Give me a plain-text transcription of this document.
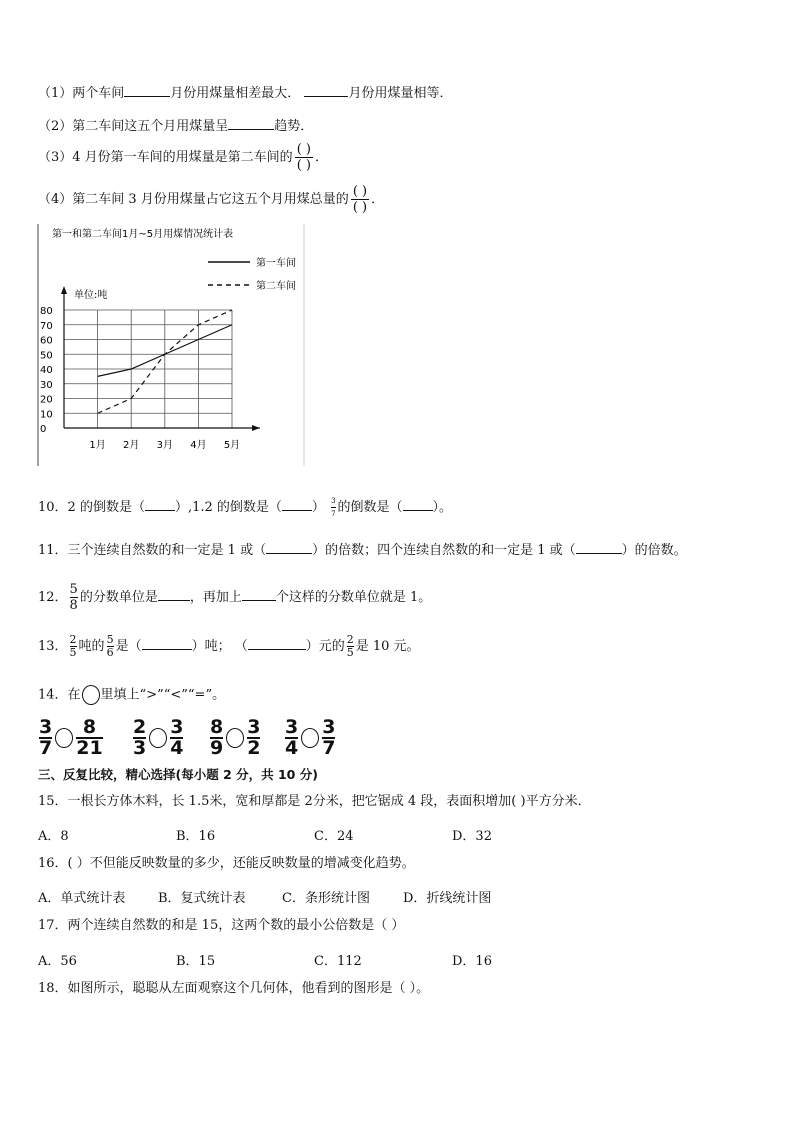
（1）两个车间	月份用煤量相差最大．	月份用煤量相等．
（2）第二车间这五个月用煤量呈	趋势．
（3）4 月份第一车间的用煤量是第二车间的 $\frac{( )}{( )}$ ．
（4）第二车间 3 月份用煤量占它这五个月用煤总量的 $\frac{( )}{( )}$ ．
第一和第二车间1月~5月用煤情况统计表
第一车间
第二车间
单位:吨
0
10
20
30
40
50
60
70
80
1月 2月 3月 4月 5月
10．2 的倒数是（ ）,1.2 的倒数是（ ） $\frac{3}{7}$ 的倒数是（ ）。
11．三个连续自然数的和一定是 1 或（	）的倍数；四个连续自然数的和一定是 1 或（	）的倍数。
12． $\frac{5}{8}$ 的分数单位是 ，再加上	个这样的分数单位就是 1。
13． $\frac{2}{5}$ 吨的 $\frac{5}{6}$ 是（	）吨； （	）元的 $\frac{2}{5}$ 是 10 元。
14．在 里填上“>”“<”“=”。
$\frac{3}{7} \frac{8}{21} \frac{2}{3} \frac{3}{4} \frac{8}{9} \frac{3}{2} \frac{3}{4} \frac{3}{7}$
三、反复比较，精心选择(每小题 2 分，共 10 分)
15．一根长方体木料，长 1.5米，宽和厚都是 2分米，把它锯成 4 段，表面积增加( )平方分米．
A．8	B．16	C．24	D．32
16．( ）不但能反映数量的多少，还能反映数量的增减变化趋势。
A．单式统计表	B．复式统计表	C．条形统计图	D．折线统计图
17．两个连续自然数的和是 15，这两个数的最小公倍数是（ ）
A．56	B．15	C．112	D．16
18．如图所示，聪聪从左面观察这个几何体，他看到的图形是（ ）。
